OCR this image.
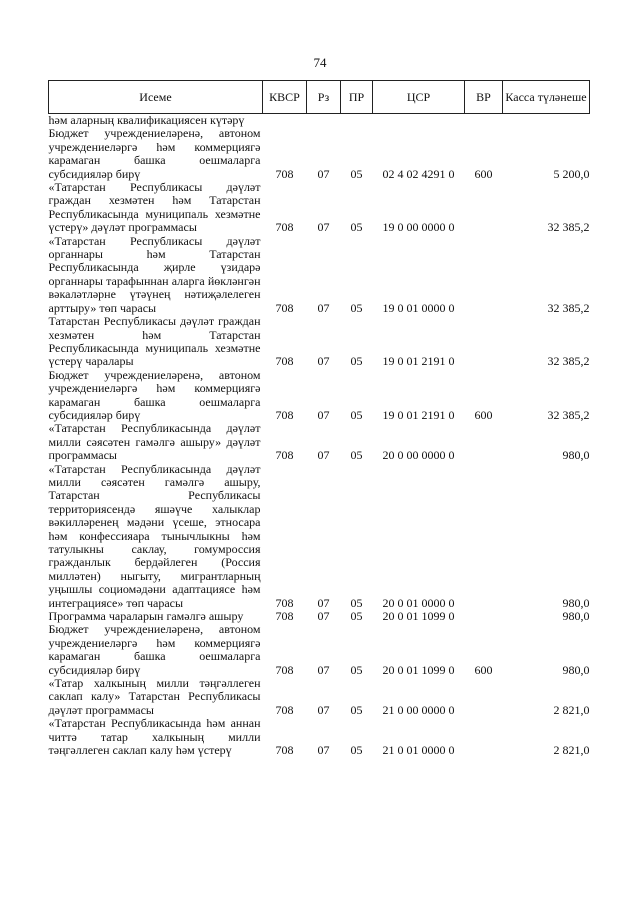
74
Исеме	КВСР	Рз	ПР	ЦСР	ВР	Касса түләнеше
һәм аларның квалификациясен күтәрү						
Бюджет учреждениеләренә, автоном учреждениеләргә һәм коммерциягә карамаган башка оешмаларга субсидияләр бирү	708	07	05	02 4 02 4291 0	600	5 200,0
«Татарстан Республикасы дәүләт граждан хезмәтен һәм Татарстан Республикасында муниципаль хезмәтне үстерү» дәүләт программасы	708	07	05	19 0 00 0000 0		32 385,2
«Татарстан Республикасы дәүләт органнары һәм Татарстан Республикасында җирле үзидарә органнары тарафыннан аларга йөкләнгән вәкаләтләрне үтәүнең нәтиҗәлелеген арттыру» төп чарасы	708	07	05	19 0 01 0000 0		32 385,2
Татарстан Республикасы дәүләт граждан хезмәтен һәм Татарстан Республикасында муниципаль хезмәтне үстерү чаралары	708	07	05	19 0 01 2191 0		32 385,2
Бюджет учреждениеләренә, автоном учреждениеләргә һәм коммерциягә карамаган башка оешмаларга субсидияләр бирү	708	07	05	19 0 01 2191 0	600	32 385,2
«Татарстан Республикасында дәүләт милли сәясәтен гамәлгә ашыру» дәүләт программасы	708	07	05	20 0 00 0000 0		980,0
«Татарстан Республикасында дәүләт милли сәясәтен гамәлгә ашыру, Татарстан Республикасы территориясендә яшәүче халыклар вәкилләренең мәдәни үсеше, этносара һәм конфессияара тынычлыкны һәм татулыкны саклау, гомумроссия гражданлык бердәйлеген (Россия милләтен) ныгыту, мигрантларның уңышлы социомәдәни адаптациясе һәм интеграциясе» төп чарасы	708	07	05	20 0 01 0000 0		980,0
Программа чараларын гамәлгә ашыру	708	07	05	20 0 01 1099 0		980,0
Бюджет учреждениеләренә, автоном учреждениеләргә һәм коммерциягә карамаган башка оешмаларга субсидияләр бирү	708	07	05	20 0 01 1099 0	600	980,0
«Татар халкының милли тәңгәллеген саклап калу» Татарстан Республикасы дәүләт программасы	708	07	05	21 0 00 0000 0		2 821,0
«Татарстан Республикасында һәм аннан читтә татар халкының милли тәңгәллеген саклап калу һәм үстерү	708	07	05	21 0 01 0000 0		2 821,0
